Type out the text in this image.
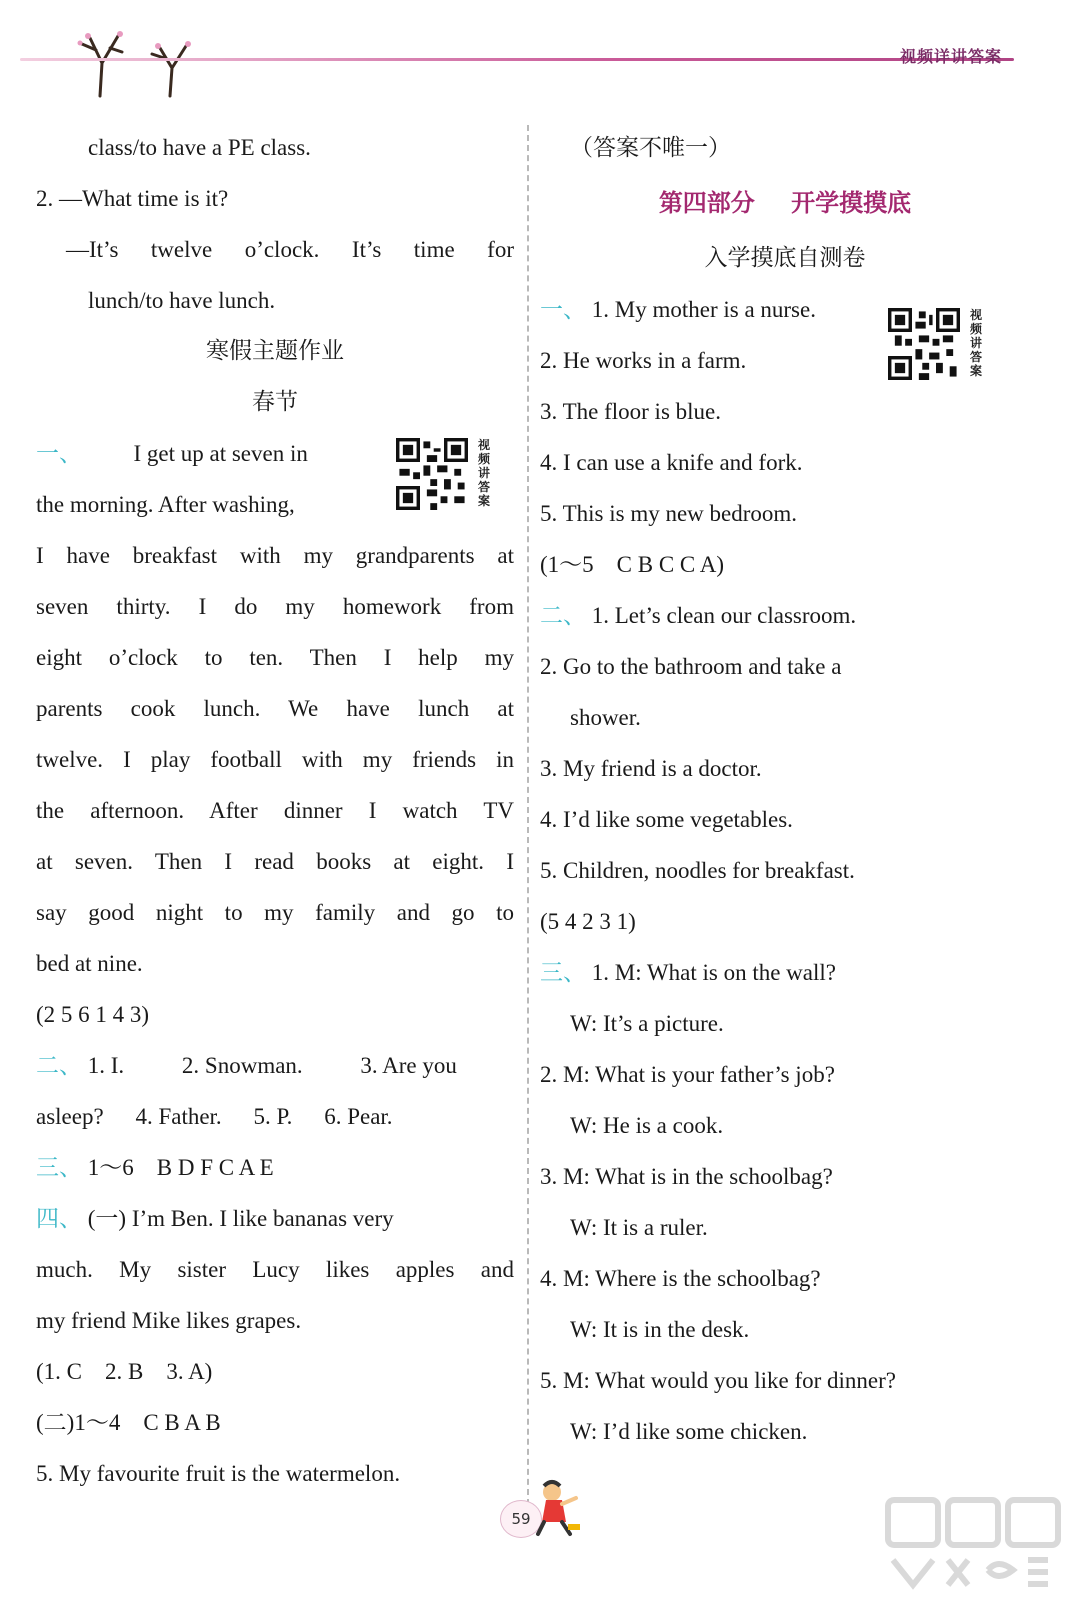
视频详讲答案
class/to have a PE class.
2. —What time is it?
—It’s twelve o’clock. It’s time for
lunch/to have lunch.
寒假主题作业
春节
一、 I get up at seven in
the morning. After washing,
I have breakfast with my grandparents at
seven thirty. I do my homework from
eight o’clock to ten. Then I help my
parents cook lunch. We have lunch at
twelve. I play football with my friends in
the afternoon. After dinner I watch TV
at seven. Then I read books at eight. I
say good night to my family and go to
bed at nine.
(2 5 6 1 4 3)
二、 1. I.	2. Snowman.	3. Are you
asleep? 4. Father. 5. P. 6. Pear.
三、 1～6　B D F C A E
四、 (一) I’m Ben. I like bananas very
much. My sister Lucy likes apples and
my friend Mike likes grapes.
(1. C　2. B　3. A)
(二)1～4　C B A B
5. My favourite fruit is the watermelon.
视频讲答案
（答案不唯一）
第四部分 开学摸摸底
入学摸底自测卷
一、 1. My mother is a nurse.
2. He works in a farm.
3. The floor is blue.
4. I can use a knife and fork.
5. This is my new bedroom.
(1～5　C B C C A)
二、 1. Let’s clean our classroom.
2. Go to the bathroom and take a
shower.
3. My friend is a doctor.
4. I’d like some vegetables.
5. Children, noodles for breakfast.
(5 4 2 3 1)
三、 1. M: What is on the wall?
W: It’s a picture.
2. M: What is your father’s job?
W: He is a cook.
3. M: What is in the schoolbag?
W: It is a ruler.
4. M: Where is the schoolbag?
W: It is in the desk.
5. M: What would you like for dinner?
W: I’d like some chicken.
视频讲答案
59
